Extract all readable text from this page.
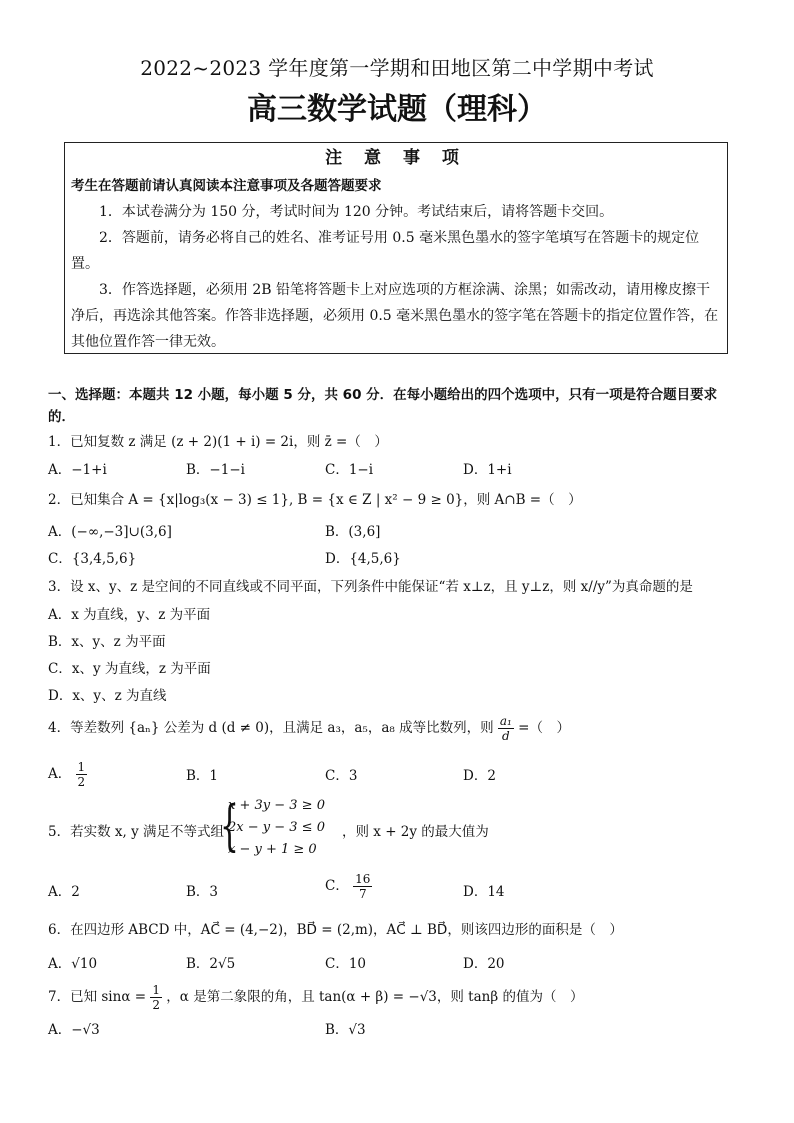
2022~2023 学年度第一学期和田地区第二中学期中考试
高三数学试题（理科）
注 意 事 项
考生在答题前请认真阅读本注意事项及各题答题要求
1．本试卷满分为 150 分，考试时间为 120 分钟。考试结束后，请将答题卡交回。
2．答题前，请务必将自己的姓名、准考证号用 0.5 毫米黑色墨水的签字笔填写在答题卡的规定位置。
3．作答选择题，必须用 2B 铅笔将答题卡上对应选项的方框涂满、涂黑；如需改动，请用橡皮擦干净后，再选涂其他答案。作答非选择题，必须用 0.5 毫米黑色墨水的签字笔在答题卡的指定位置作答，在其他位置作答一律无效。
一、选择题：本题共 12 小题，每小题 5 分，共 60 分．在每小题给出的四个选项中，只有一项是符合题目要求的．
1．已知复数 z 满足 (z + 2)(1 + i) = 2i，则 z̄ =（　）
A．−1+i	B．−1−i	C．1−i	D．1+i
2．已知集合 A = {x|log₃(x − 3) ≤ 1}, B = {x ∈ Z | x² − 9 ≥ 0}，则 A∩B =（　）
A．(−∞,−3]∪(3,6]	B．(3,6]
C．{3,4,5,6}	D．{4,5,6}
3．设 x、y、z 是空间的不同直线或不同平面，下列条件中能保证“若 x⊥z，且 y⊥z，则 x//y”为真命题的是
A．x 为直线，y、z 为平面
B．x、y、z 为平面
C．x、y 为直线，z 为平面
D．x、y、z 为直线
4．等差数列 {aₙ} 公差为 d (d ≠ 0)，且满足 a₃，a₅，a₈ 成等比数列，则 $\frac{\text{a₁}}{d}$ =（　）
A． $\frac{1}{2}$	B．1	C．3	D．2
5．若实数 x, y 满足不等式组
{
x + 3y − 3 ≥ 0
2x − y − 3 ≤ 0
x − y + 1 ≥ 0
，则 x + 2y 的最大值为
A．2	B．3	C． $\frac{16}{7}$	D．14
6．在四边形 ABCD 中，AC⃗ = (4,−2)，BD⃗ = (2,m)，AC⃗ ⊥ BD⃗，则该四边形的面积是（　）
A．√10	B．2√5	C．10	D．20
7．已知 $\sin\alpha = \frac{1}{2}$ ，α 是第二象限的角，且 tan(α + β) = −√3，则 tanβ 的值为（　）
A．−√3	B．√3
